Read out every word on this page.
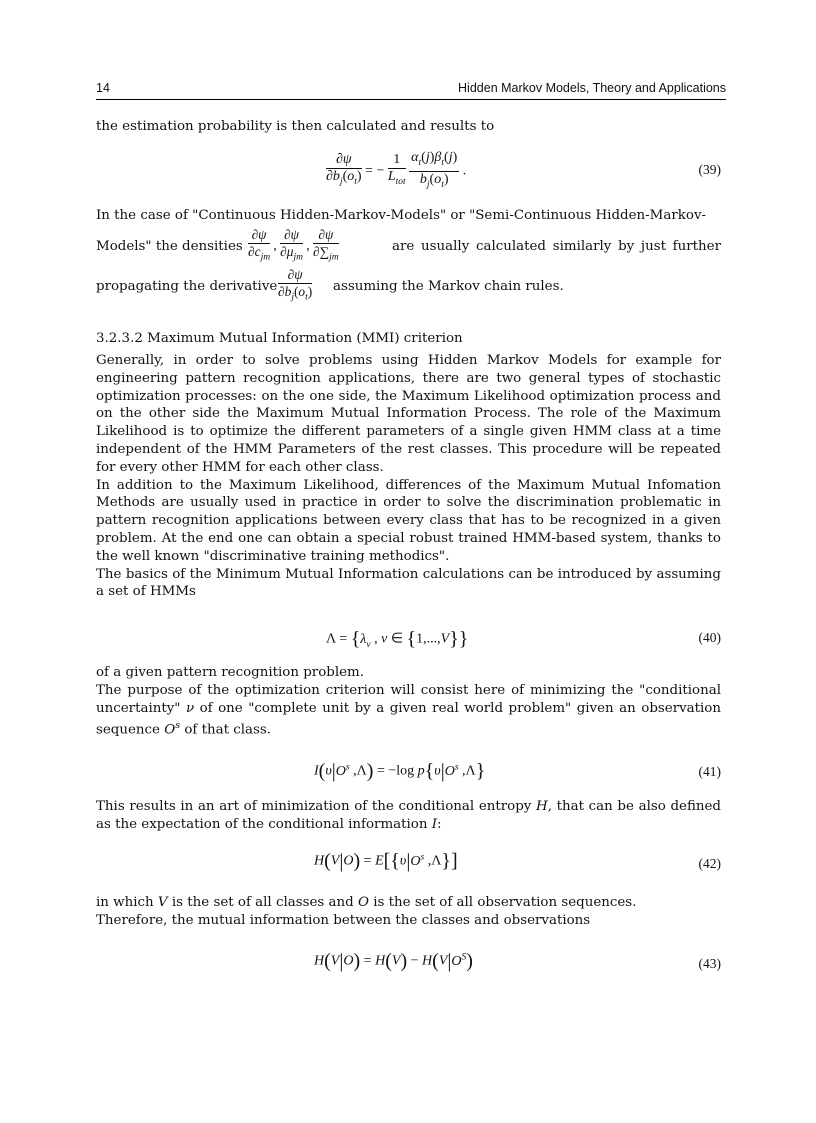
14	Hidden Markov Models, Theory and Applications

the estimation probability is then calculated and results to

$\frac{\partial\psi}{\partial b_j(o_t)}$ = − $\frac{1}{L_{tot}}$
$\frac{\alpha_t(j)\beta_t(j)}{b_j(o_t)}$ .	(39)

In the case of "Continuous Hidden-Markov-Models" or "Semi-Continuous Hidden-Markov-

Models" the densities $\frac{\partial\psi}{\partial c_{jm}}$ , $\frac{\partial\psi}{\partial\mu_{jm}}$ , $\frac{\partial\psi}{\partial\sum_{jm}}$	are usually calculated similarly by just further
propagating the derivative $\frac{\partial\psi}{\partial b_j(o_t)}$ assuming the Markov chain rules.

3.2.3.2 Maximum Mutual Information (MMI) criterion

Generally, in order to solve problems using Hidden Markov Models for example for engineering pattern recognition applications, there are two general types of stochastic optimization processes: on the one side, the Maximum Likelihood optimization process and on the other side the Maximum Mutual Information Process. The role of the Maximum Likelihood is to optimize the different parameters of a single given HMM class at a time independent of the HMM Parameters of the rest classes. This procedure will be repeated for every other HMM for each other class.

In addition to the Maximum Likelihood, differences of the Maximum Mutual Infomation Methods are usually used in practice in order to solve the discrimination problematic in pattern recognition applications between every class that has to be recognized in a given problem. At the end one can obtain a special robust trained HMM-based system, thanks to the well known "discriminative training methodics".

The basics of the Minimum Mutual Information calculations can be introduced by assuming a set of HMMs

$\Lambda = \{\lambda_\nu$ , ν ∈ {1,...,V}}	(40)

of a given pattern recognition problem.

The purpose of the optimization criterion will consist here of minimizing the "conditional uncertainty" ν of one "complete unit by a given real world problem" given an observation sequence $O^s$ of that class.

$I(\upsilon|O^s$ ,Λ) = −log $p\{\upsilon|O^s$ ,Λ}	(41)

This results in an art of minimization of the conditional entropy H, that can be also defined as the expectation of the conditional information I:

$H(V|O) = E[\{\upsilon|O^s$ ,Λ}]	(42)

in which V is the set of all classes and O is the set of all observation sequences.

Therefore, the mutual information between the classes and observations

$H(V|O) = H(V) - H(V|O^S)$	(43)
